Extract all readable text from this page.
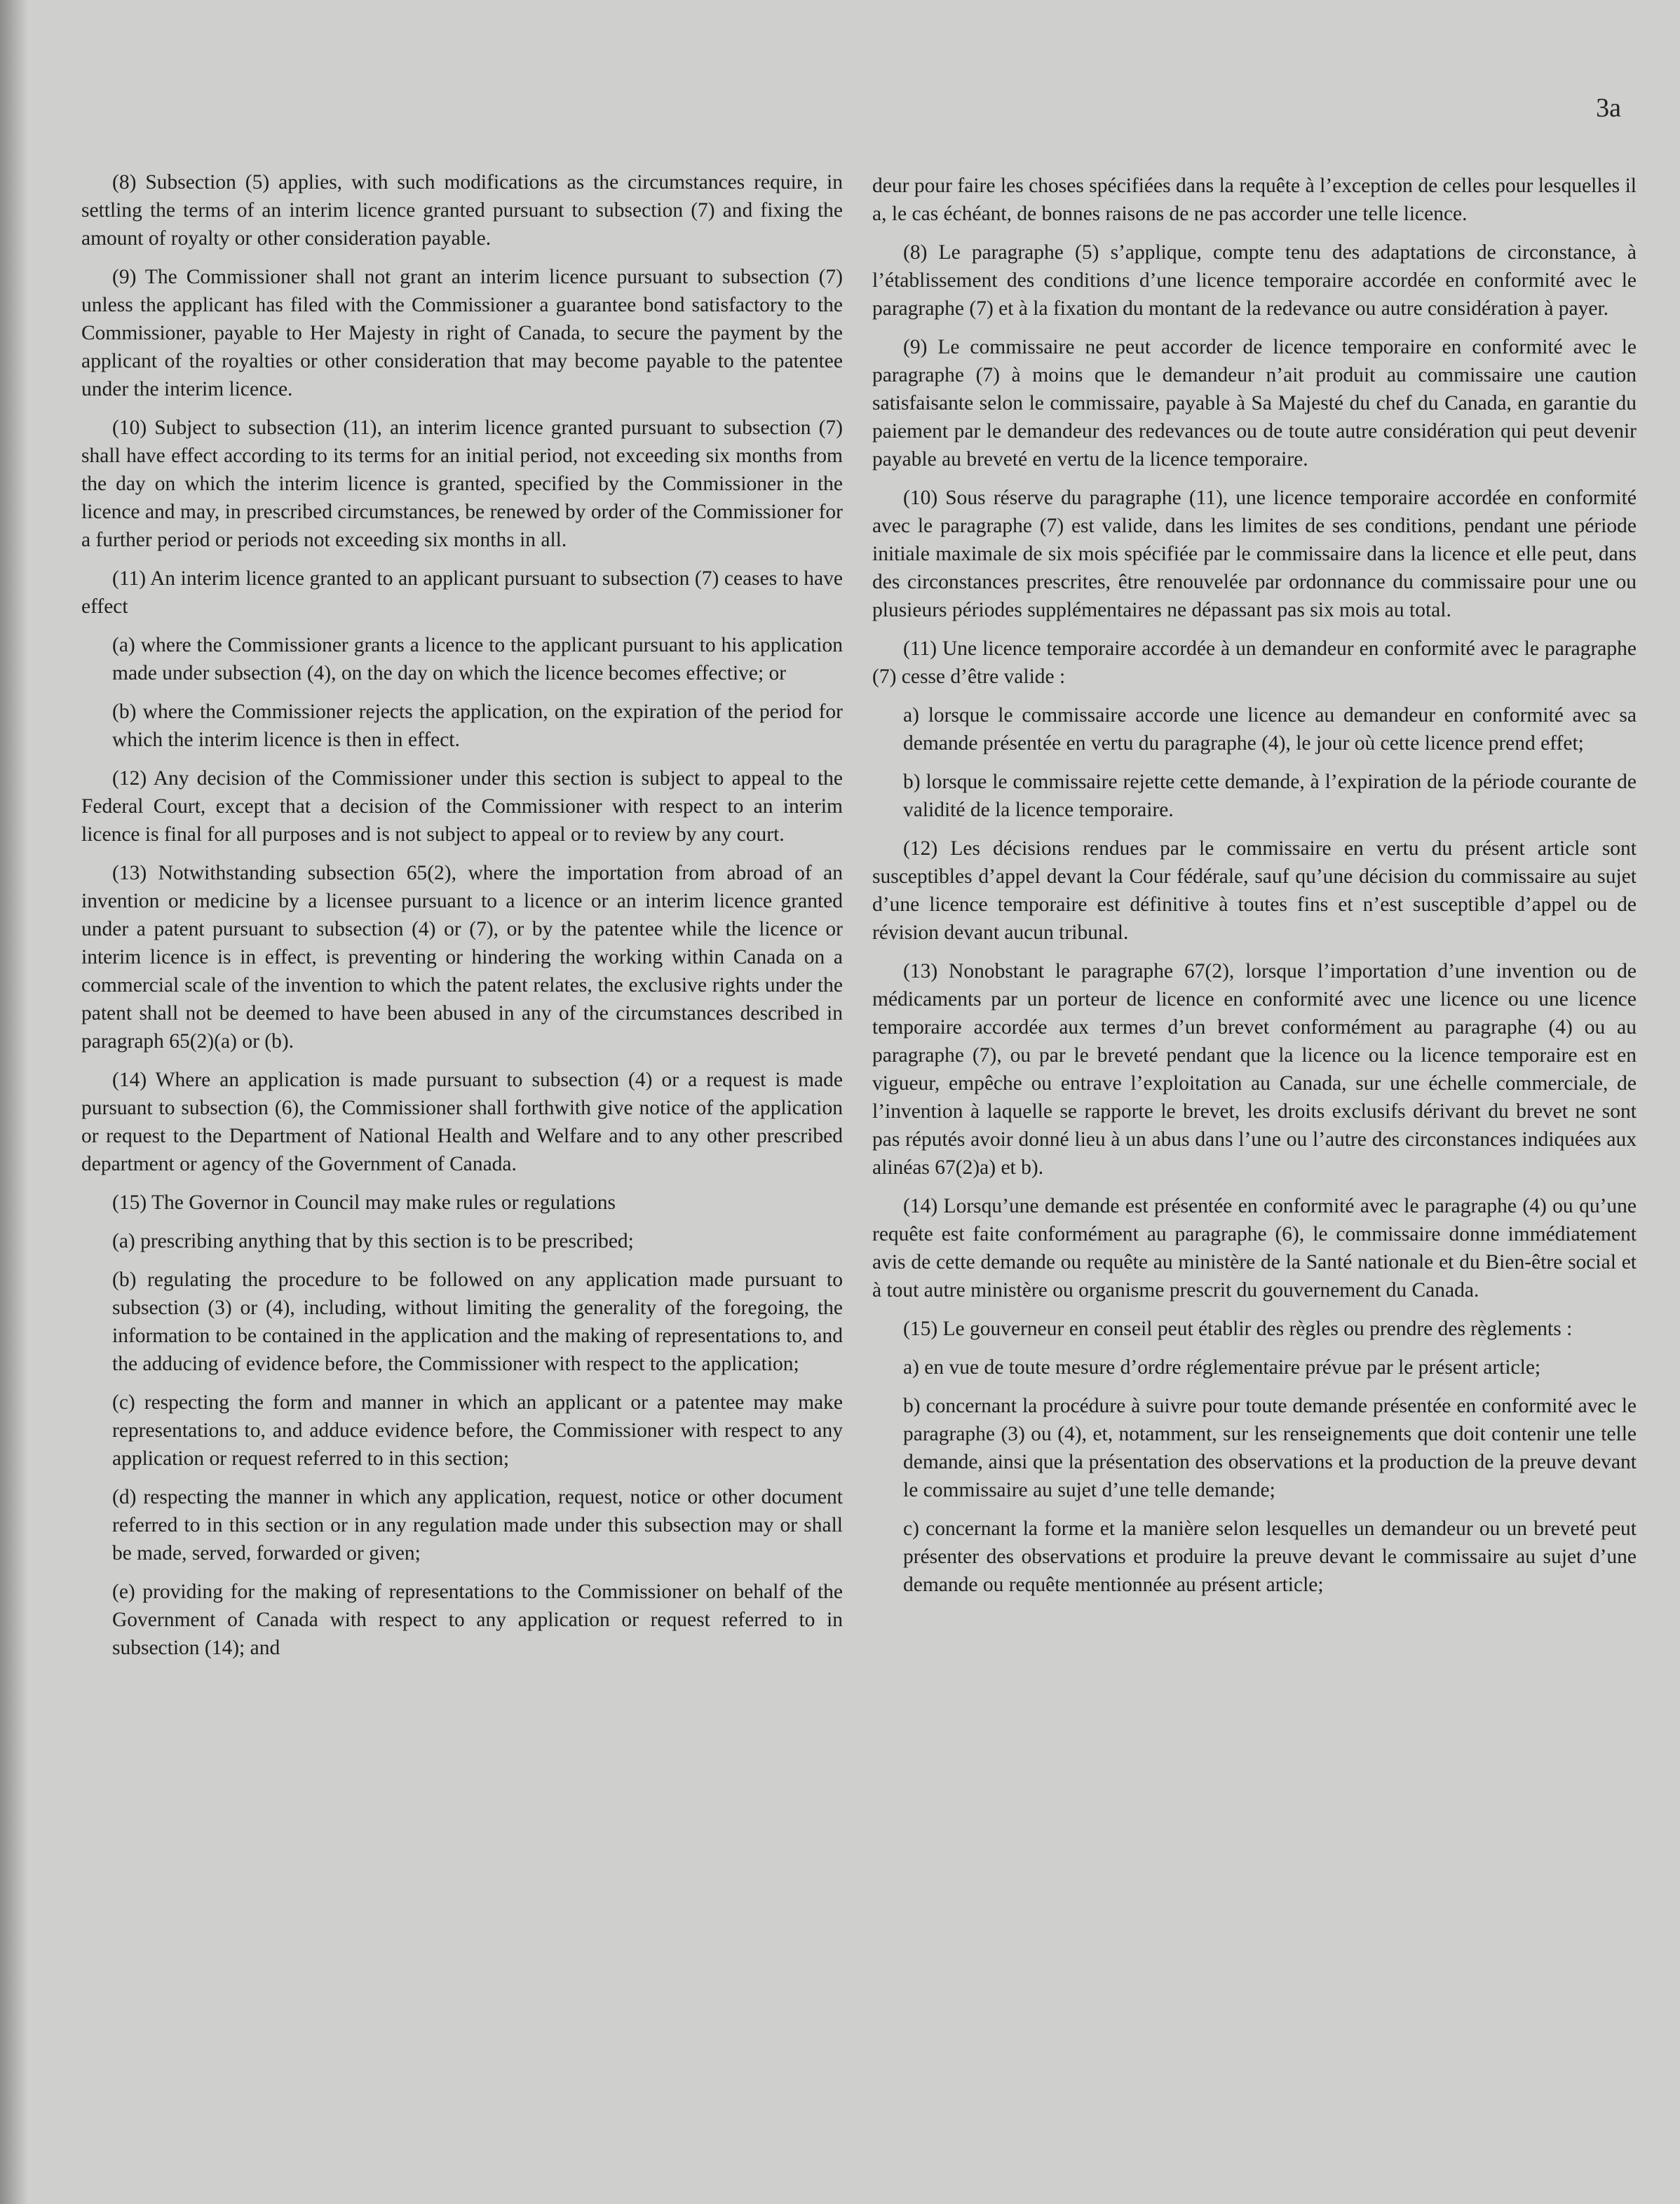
3a

(8) Subsection (5) applies, with such modifications as the circumstances require, in settling the terms of an interim licence granted pursuant to subsection (7) and fixing the amount of royalty or other consideration payable.

(9) The Commissioner shall not grant an interim licence pursuant to subsection (7) unless the applicant has filed with the Commissioner a guarantee bond satisfactory to the Commissioner, payable to Her Majesty in right of Canada, to secure the payment by the applicant of the royalties or other consideration that may become payable to the patentee under the interim licence.

(10) Subject to subsection (11), an interim licence granted pursuant to subsection (7) shall have effect according to its terms for an initial period, not exceeding six months from the day on which the interim licence is granted, specified by the Commissioner in the licence and may, in prescribed circumstances, be renewed by order of the Commissioner for a further period or periods not exceeding six months in all.

(11) An interim licence granted to an applicant pursuant to subsection (7) ceases to have effect

(a) where the Commissioner grants a licence to the applicant pursuant to his application made under subsection (4), on the day on which the licence becomes effective; or

(b) where the Commissioner rejects the application, on the expiration of the period for which the interim licence is then in effect.

(12) Any decision of the Commissioner under this section is subject to appeal to the Federal Court, except that a decision of the Commissioner with respect to an interim licence is final for all purposes and is not subject to appeal or to review by any court.

(13) Notwithstanding subsection 65(2), where the importation from abroad of an invention or medicine by a licensee pursuant to a licence or an interim licence granted under a patent pursuant to subsection (4) or (7), or by the patentee while the licence or interim licence is in effect, is preventing or hindering the working within Canada on a commercial scale of the invention to which the patent relates, the exclusive rights under the patent shall not be deemed to have been abused in any of the circumstances described in paragraph 65(2)(a) or (b).

(14) Where an application is made pursuant to subsection (4) or a request is made pursuant to subsection (6), the Commissioner shall forthwith give notice of the application or request to the Department of National Health and Welfare and to any other prescribed department or agency of the Government of Canada.

(15) The Governor in Council may make rules or regulations

(a) prescribing anything that by this section is to be prescribed;

(b) regulating the procedure to be followed on any application made pursuant to subsection (3) or (4), including, without limiting the generality of the foregoing, the information to be contained in the application and the making of representations to, and the adducing of evidence before, the Commissioner with respect to the application;

(c) respecting the form and manner in which an applicant or a patentee may make representations to, and adduce evidence before, the Commissioner with respect to any application or request referred to in this section;

(d) respecting the manner in which any application, request, notice or other document referred to in this section or in any regulation made under this subsection may or shall be made, served, forwarded or given;

(e) providing for the making of representations to the Commissioner on behalf of the Government of Canada with respect to any application or request referred to in subsection (14); and

deur pour faire les choses spécifiées dans la requête à l’exception de celles pour lesquelles il a, le cas échéant, de bonnes raisons de ne pas accorder une telle licence.

(8) Le paragraphe (5) s’applique, compte tenu des adaptations de circonstance, à l’établissement des conditions d’une licence temporaire accordée en conformité avec le paragraphe (7) et à la fixation du montant de la redevance ou autre considération à payer.

(9) Le commissaire ne peut accorder de licence temporaire en conformité avec le paragraphe (7) à moins que le demandeur n’ait produit au commissaire une caution satisfaisante selon le commissaire, payable à Sa Majesté du chef du Canada, en garantie du paiement par le demandeur des redevances ou de toute autre considération qui peut devenir payable au breveté en vertu de la licence temporaire.

(10) Sous réserve du paragraphe (11), une licence temporaire accordée en conformité avec le paragraphe (7) est valide, dans les limites de ses conditions, pendant une période initiale maximale de six mois spécifiée par le commissaire dans la licence et elle peut, dans des circonstances prescrites, être renouvelée par ordonnance du commissaire pour une ou plusieurs périodes supplémentaires ne dépassant pas six mois au total.

(11) Une licence temporaire accordée à un demandeur en conformité avec le paragraphe (7) cesse d’être valide :

a) lorsque le commissaire accorde une licence au demandeur en conformité avec sa demande présentée en vertu du paragraphe (4), le jour où cette licence prend effet;

b) lorsque le commissaire rejette cette demande, à l’expiration de la période courante de validité de la licence temporaire.

(12) Les décisions rendues par le commissaire en vertu du présent article sont susceptibles d’appel devant la Cour fédérale, sauf qu’une décision du commissaire au sujet d’une licence temporaire est définitive à toutes fins et n’est susceptible d’appel ou de révision devant aucun tribunal.

(13) Nonobstant le paragraphe 67(2), lorsque l’importation d’une invention ou de médicaments par un porteur de licence en conformité avec une licence ou une licence temporaire accordée aux termes d’un brevet conformément au paragraphe (4) ou au paragraphe (7), ou par le breveté pendant que la licence ou la licence temporaire est en vigueur, empêche ou entrave l’exploitation au Canada, sur une échelle commerciale, de l’invention à laquelle se rapporte le brevet, les droits exclusifs dérivant du brevet ne sont pas réputés avoir donné lieu à un abus dans l’une ou l’autre des circonstances indiquées aux alinéas 67(2)a) et b).

(14) Lorsqu’une demande est présentée en conformité avec le paragraphe (4) ou qu’une requête est faite conformément au paragraphe (6), le commissaire donne immédiatement avis de cette demande ou requête au ministère de la Santé nationale et du Bien-être social et à tout autre ministère ou organisme prescrit du gouvernement du Canada.

(15) Le gouverneur en conseil peut établir des règles ou prendre des règlements :

a) en vue de toute mesure d’ordre réglementaire prévue par le présent article;

b) concernant la procédure à suivre pour toute demande présentée en conformité avec le paragraphe (3) ou (4), et, notamment, sur les renseignements que doit contenir une telle demande, ainsi que la présentation des observations et la production de la preuve devant le commissaire au sujet d’une telle demande;

c) concernant la forme et la manière selon lesquelles un demandeur ou un breveté peut présenter des observations et produire la preuve devant le commissaire au sujet d’une demande ou requête mentionnée au présent article;
